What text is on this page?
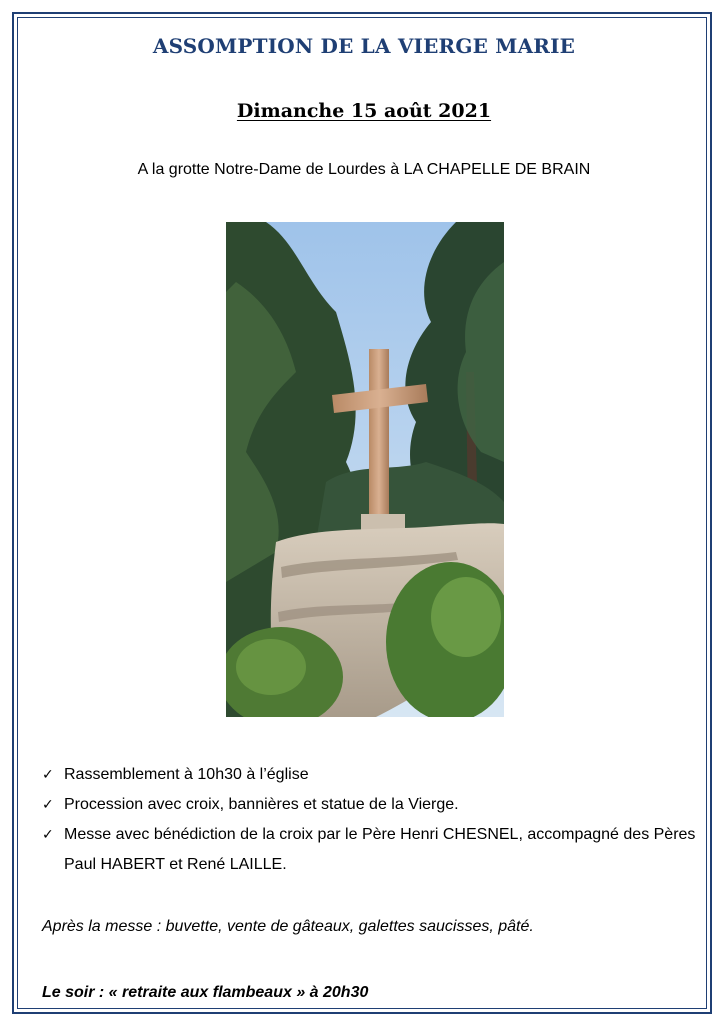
ASSOMPTION DE LA VIERGE MARIE
Dimanche 15 août 2021
A la grotte Notre-Dame de Lourdes à LA CHAPELLE DE BRAIN
✓ Rassemblement à 10h30 à l’église
✓ Procession avec croix, bannières et statue de la Vierge.
✓ Messe avec bénédiction de la croix par le Père Henri CHESNEL, accompagné des Pères Paul HABERT et René LAILLE.
Après la messe : buvette, vente de gâteaux, galettes saucisses, pâté.
Le soir : « retraite aux flambeaux » à 20h30
